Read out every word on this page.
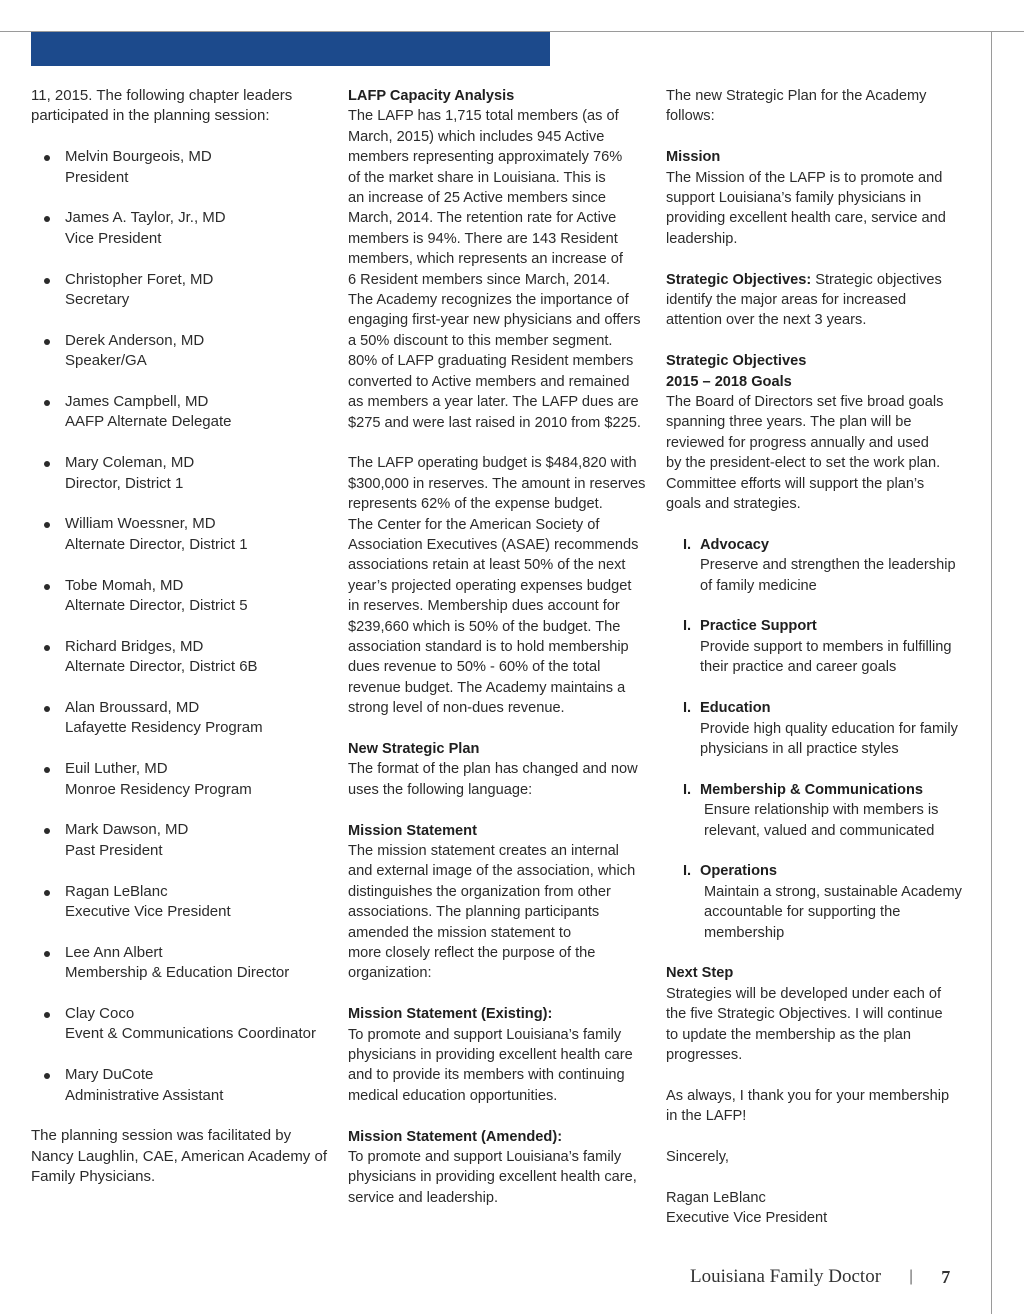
11, 2015. The following chapter leaders

participated in the planning session:

Melvin Bourgeois, MD
President
James A. Taylor, Jr., MD
Vice President
Christopher Foret, MD
Secretary
Derek Anderson, MD
Speaker/GA
James Campbell, MD
AAFP Alternate Delegate
Mary Coleman, MD
Director, District 1
William Woessner, MD
Alternate Director, District 1
Tobe Momah, MD
Alternate Director, District 5
Richard Bridges, MD
Alternate Director, District 6B
Alan Broussard, MD
Lafayette Residency Program
Euil Luther, MD
Monroe Residency Program
Mark Dawson, MD
Past President
Ragan LeBlanc
Executive Vice President
Lee Ann Albert
Membership & Education Director
Clay Coco
Event & Communications Coordinator
Mary DuCote
Administrative Assistant

The planning session was facilitated by

Nancy Laughlin, CAE, American Academy of

Family Physicians.

LAFP Capacity Analysis

The LAFP has 1,715 total members (as of

March, 2015) which includes 945 Active

members representing approximately 76%

of the market share in Louisiana. This is

an increase of 25 Active members since

March, 2014. The retention rate for Active

members is 94%. There are 143 Resident

members, which represents an increase of

6 Resident members since March, 2014.

The Academy recognizes the importance of

engaging first-year new physicians and offers

a 50% discount to this member segment.

80% of LAFP graduating Resident members

converted to Active members and remained

as members a year later. The LAFP dues are

$275 and were last raised in 2010 from $225.

The LAFP operating budget is $484,820 with

$300,000 in reserves. The amount in reserves

represents 62% of the expense budget.

The Center for the American Society of

Association Executives (ASAE) recommends

associations retain at least 50% of the next

year’s projected operating expenses budget

in reserves. Membership dues account for

$239,660 which is 50% of the budget. The

association standard is to hold membership

dues revenue to 50% - 60% of the total

revenue budget. The Academy maintains a

strong level of non-dues revenue.

New Strategic Plan

The format of the plan has changed and now

uses the following language:

Mission Statement

The mission statement creates an internal

and external image of the association, which

distinguishes the organization from other

associations. The planning participants

amended the mission statement to

more closely reflect the purpose of the

organization:

Mission Statement (Existing):

To promote and support Louisiana’s family

physicians in providing excellent health care

and to provide its members with continuing

medical education opportunities.

Mission Statement (Amended):

To promote and support Louisiana’s family

physicians in providing excellent health care,

service and leadership.

The new Strategic Plan for the Academy

follows:

Mission

The Mission of the LAFP is to promote and

support Louisiana’s family physicians in

providing excellent health care, service and

leadership.

Strategic Objectives: Strategic objectives

identify the major areas for increased

attention over the next 3 years.

Strategic Objectives

2015 – 2018 Goals

The Board of Directors set five broad goals

spanning three years. The plan will be

reviewed for progress annually and used

by the president-elect to set the work plan.

Committee efforts will support the plan’s

goals and strategies.

I. Advocacy
Preserve and strengthen the leadership
of family medicine
I. Practice Support
Provide support to members in fulfilling
their practice and career goals
I. Education
Provide high quality education for family
physicians in all practice styles
I. Membership & Communications
Ensure relationship with members is
relevant, valued and communicated
I. Operations
Maintain a strong, sustainable Academy
accountable for supporting the
membership

Next Step

Strategies will be developed under each of

the five Strategic Objectives. I will continue

to update the membership as the plan

progresses.

As always, I thank you for your membership

in the LAFP!

Sincerely,

Ragan LeBlanc

Executive Vice President

Louisiana Family Doctor | 7
